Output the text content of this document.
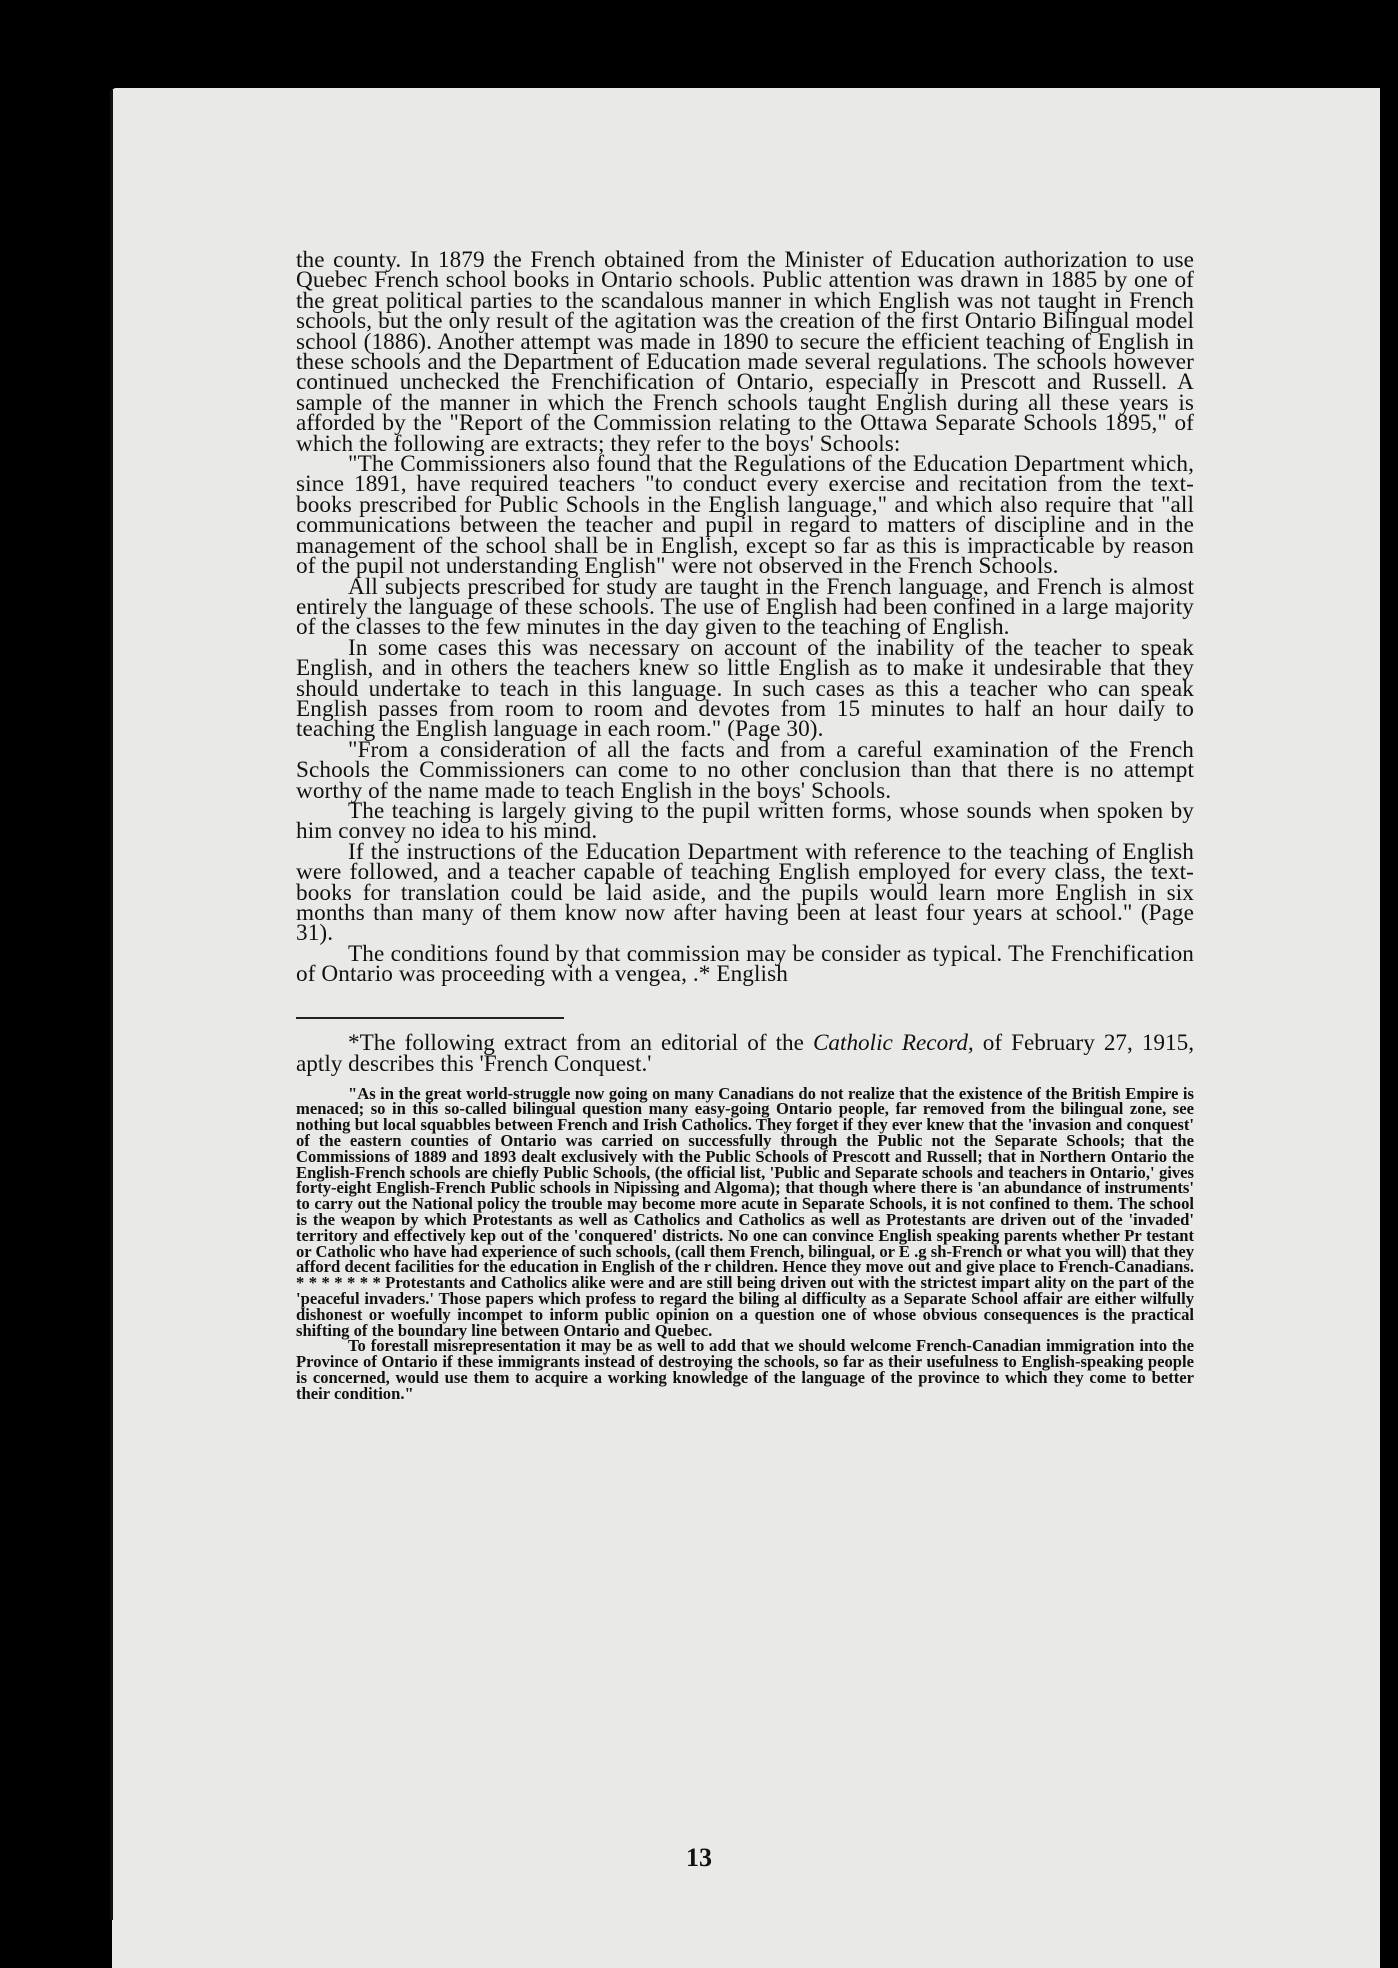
the county. In 1879 the French obtained from the Minister of Education authorization to use Quebec French school books in Ontario schools. Public attention was drawn in 1885 by one of the great political parties to the scandalous manner in which English was not taught in French schools, but the only result of the agitation was the creation of the first Ontario Bilingual model school (1886). Another attempt was made in 1890 to secure the efficient teaching of English in these schools and the Department of Education made several regulations. The schools however continued unchecked the Frenchification of Ontario, especially in Prescott and Russell. A sample of the manner in which the French schools taught English during all these years is afforded by the "Report of the Commission relating to the Ottawa Separate Schools 1895," of which the following are extracts; they refer to the boys' Schools:

"The Commissioners also found that the Regulations of the Education Department which, since 1891, have required teachers "to conduct every exercise and recitation from the text-books prescribed for Public Schools in the English language," and which also require that "all communications between the teacher and pupil in regard to matters of discipline and in the management of the school shall be in English, except so far as this is impracticable by reason of the pupil not understanding English" were not observed in the French Schools.

All subjects prescribed for study are taught in the French language, and French is almost entirely the language of these schools. The use of English had been confined in a large majority of the classes to the few minutes in the day given to the teaching of English.

In some cases this was necessary on account of the inability of the teacher to speak English, and in others the teachers knew so little English as to make it undesirable that they should undertake to teach in this language. In such cases as this a teacher who can speak English passes from room to room and devotes from 15 minutes to half an hour daily to teaching the English language in each room." (Page 30).

"From a consideration of all the facts and from a careful examination of the French Schools the Commissioners can come to no other conclusion than that there is no attempt worthy of the name made to teach English in the boys' Schools.

The teaching is largely giving to the pupil written forms, whose sounds when spoken by him convey no idea to his mind.

If the instructions of the Education Department with reference to the teaching of English were followed, and a teacher capable of teaching English employed for every class, the text-books for translation could be laid aside, and the pupils would learn more English in six months than many of them know now after having been at least four years at school." (Page 31).

The conditions found by that commission may be consider as typical. The Frenchification of Ontario was proceeding with a vengea, .* English

*The following extract from an editorial of the Catholic Record, of February 27, 1915, aptly describes this 'French Conquest.'

"As in the great world-struggle now going on many Canadians do not realize that the existence of the British Empire is menaced; so in this so-called bilingual question many easy-going Ontario people, far removed from the bilingual zone, see nothing but local squabbles between French and Irish Catholics. They forget if they ever knew that the 'invasion and conquest' of the eastern counties of Ontario was carried on successfully through the Public not the Separate Schools; that the Commissions of 1889 and 1893 dealt exclusively with the Public Schools of Prescott and Russell; that in Northern Ontario the English-French schools are chiefly Public Schools, (the official list, 'Public and Separate schools and teachers in Ontario,' gives forty-eight English-French Public schools in Nipissing and Algoma); that though where there is 'an abundance of instruments' to carry out the National policy the trouble may become more acute in Separate Schools, it is not confined to them. The school is the weapon by which Protestants as well as Catholics and Catholics as well as Protestants are driven out of the 'invaded' territory and effectively kep out of the 'conquered' districts. No one can convince English speaking parents whether Pr testant or Catholic who have had experience of such schools, (call them French, bilingual, or E .g sh-French or what you will) that they afford decent facilities for the education in English of the r children. Hence they move out and give place to French-Canadians. * * * * * * * Protestants and Catholics alike were and are still being driven out with the strictest impart ality on the part of the 'peaceful invaders.' Those papers which profess to regard the biling al difficulty as a Separate School affair are either wilfully dishonest or woefully incompet to inform public opinion on a question one of whose obvious consequences is the practical shifting of the boundary line between Ontario and Quebec.

To forestall misrepresentation it may be as well to add that we should welcome French-Canadian immigration into the Province of Ontario if these immigrants instead of destroying the schools, so far as their usefulness to English-speaking people is concerned, would use them to acquire a working knowledge of the language of the province to which they come to better their condition."

13
